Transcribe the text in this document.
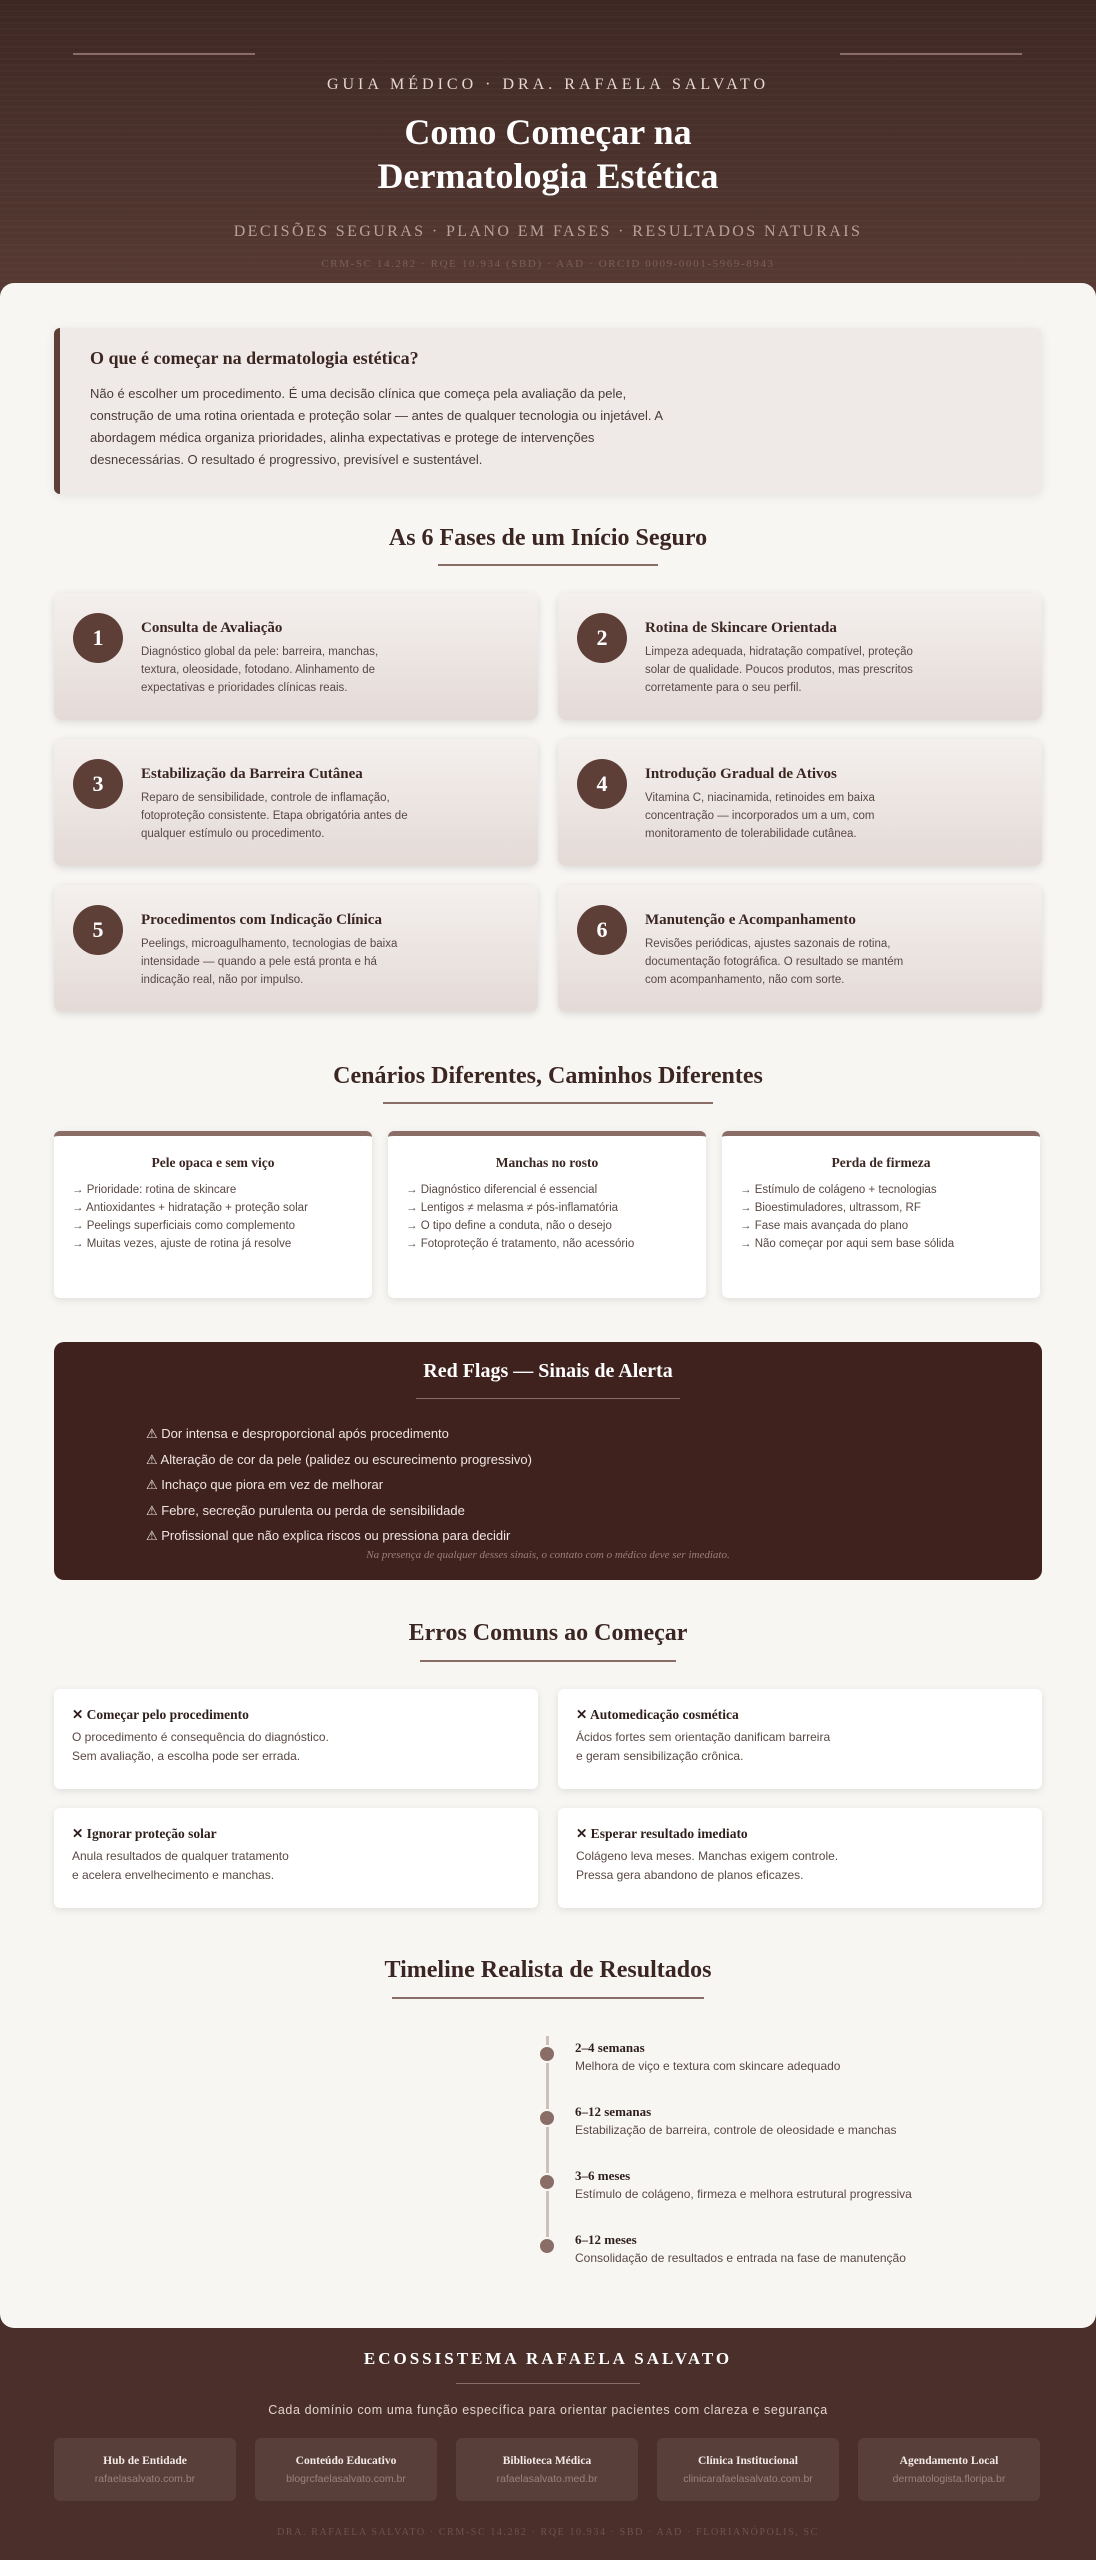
GUIA MÉDICO · DRA. RAFAELA SALVATO
Como Começar na
Dermatologia Estética
DECISÕES SEGURAS · PLANO EM FASES · RESULTADOS NATURAIS
CRM-SC 14.282 · RQE 10.934 (SBD) · AAD · ORCID 0009-0001-5969-8943
O que é começar na dermatologia estética?

Não é escolher um procedimento. É uma decisão clínica que começa pela avaliação da pele, construção de uma rotina orientada e proteção solar — antes de qualquer tecnologia ou injetável. A abordagem médica organiza prioridades, alinha expectativas e protege de intervenções desnecessárias. O resultado é progressivo, previsível e sustentável.

As 6 Fases de um Início Seguro
1	Consulta de Avaliação

Diagnóstico global da pele: barreira, manchas, textura, oleosidade, fotodano. Alinhamento de expectativas e prioridades clínicas reais.

2	Rotina de Skincare Orientada

Limpeza adequada, hidratação compatível, proteção solar de qualidade. Poucos produtos, mas prescritos corretamente para o seu perfil.

3	Estabilização da Barreira Cutânea

Reparo de sensibilidade, controle de inflamação, fotoproteção consistente. Etapa obrigatória antes de qualquer estímulo ou procedimento.

4	Introdução Gradual de Ativos

Vitamina C, niacinamida, retinoides em baixa concentração — incorporados um a um, com monitoramento de tolerabilidade cutânea.

5	Procedimentos com Indicação Clínica

Peelings, microagulhamento, tecnologias de baixa intensidade — quando a pele está pronta e há indicação real, não por impulso.

6	Manutenção e Acompanhamento

Revisões periódicas, ajustes sazonais de rotina, documentação fotográfica. O resultado se mantém com acompanhamento, não com sorte.

Cenários Diferentes, Caminhos Diferentes
Pele opaca e sem viço
→ Prioridade: rotina de skincare
→ Antioxidantes + hidratação + proteção solar
→ Peelings superficiais como complemento
→ Muitas vezes, ajuste de rotina já resolve
Manchas no rosto
→ Diagnóstico diferencial é essencial
→ Lentigos ≠ melasma ≠ pós-inflamatória
→ O tipo define a conduta, não o desejo
→ Fotoproteção é tratamento, não acessório
Perda de firmeza
→ Estímulo de colágeno + tecnologias
→ Bioestimuladores, ultrassom, RF
→ Fase mais avançada do plano
→ Não começar por aqui sem base sólida
Red Flags — Sinais de Alerta
⚠ Dor intensa e desproporcional após procedimento
⚠ Alteração de cor da pele (palidez ou escurecimento progressivo)
⚠ Inchaço que piora em vez de melhorar
⚠ Febre, secreção purulenta ou perda de sensibilidade
⚠ Profissional que não explica riscos ou pressiona para decidir
Na presença de qualquer desses sinais, o contato com o médico deve ser imediato.
Erros Comuns ao Começar
✕ Começar pelo procedimento

O procedimento é consequência do diagnóstico.
Sem avaliação, a escolha pode ser errada.

✕ Automedicação cosmética

Ácidos fortes sem orientação danificam barreira
e geram sensibilização crônica.

✕ Ignorar proteção solar

Anula resultados de qualquer tratamento
e acelera envelhecimento e manchas.

✕ Esperar resultado imediato

Colágeno leva meses. Manchas exigem controle.
Pressa gera abandono de planos eficazes.

Timeline Realista de Resultados
2–4 semanas

Melhora de viço e textura com skincare adequado

6–12 semanas

Estabilização de barreira, controle de oleosidade e manchas

3–6 meses

Estímulo de colágeno, firmeza e melhora estrutural progressiva

6–12 meses

Consolidação de resultados e entrada na fase de manutenção

ECOSSISTEMA RAFAELA SALVATO
Cada domínio com uma função específica para orientar pacientes com clareza e segurança
Hub de Entidade

rafaelasalvato.com.br

Conteúdo Educativo

blogrcfaelasalvato.com.br

Biblioteca Médica

rafaelasalvato.med.br

Clínica Institucional

clinicarafaelasalvato.com.br

Agendamento Local

dermatologista.floripa.br

DRA. RAFAELA SALVATO · CRM-SC 14.282 · RQE 10.934 · SBD · AAD · FLORIANÓPOLIS, SC
